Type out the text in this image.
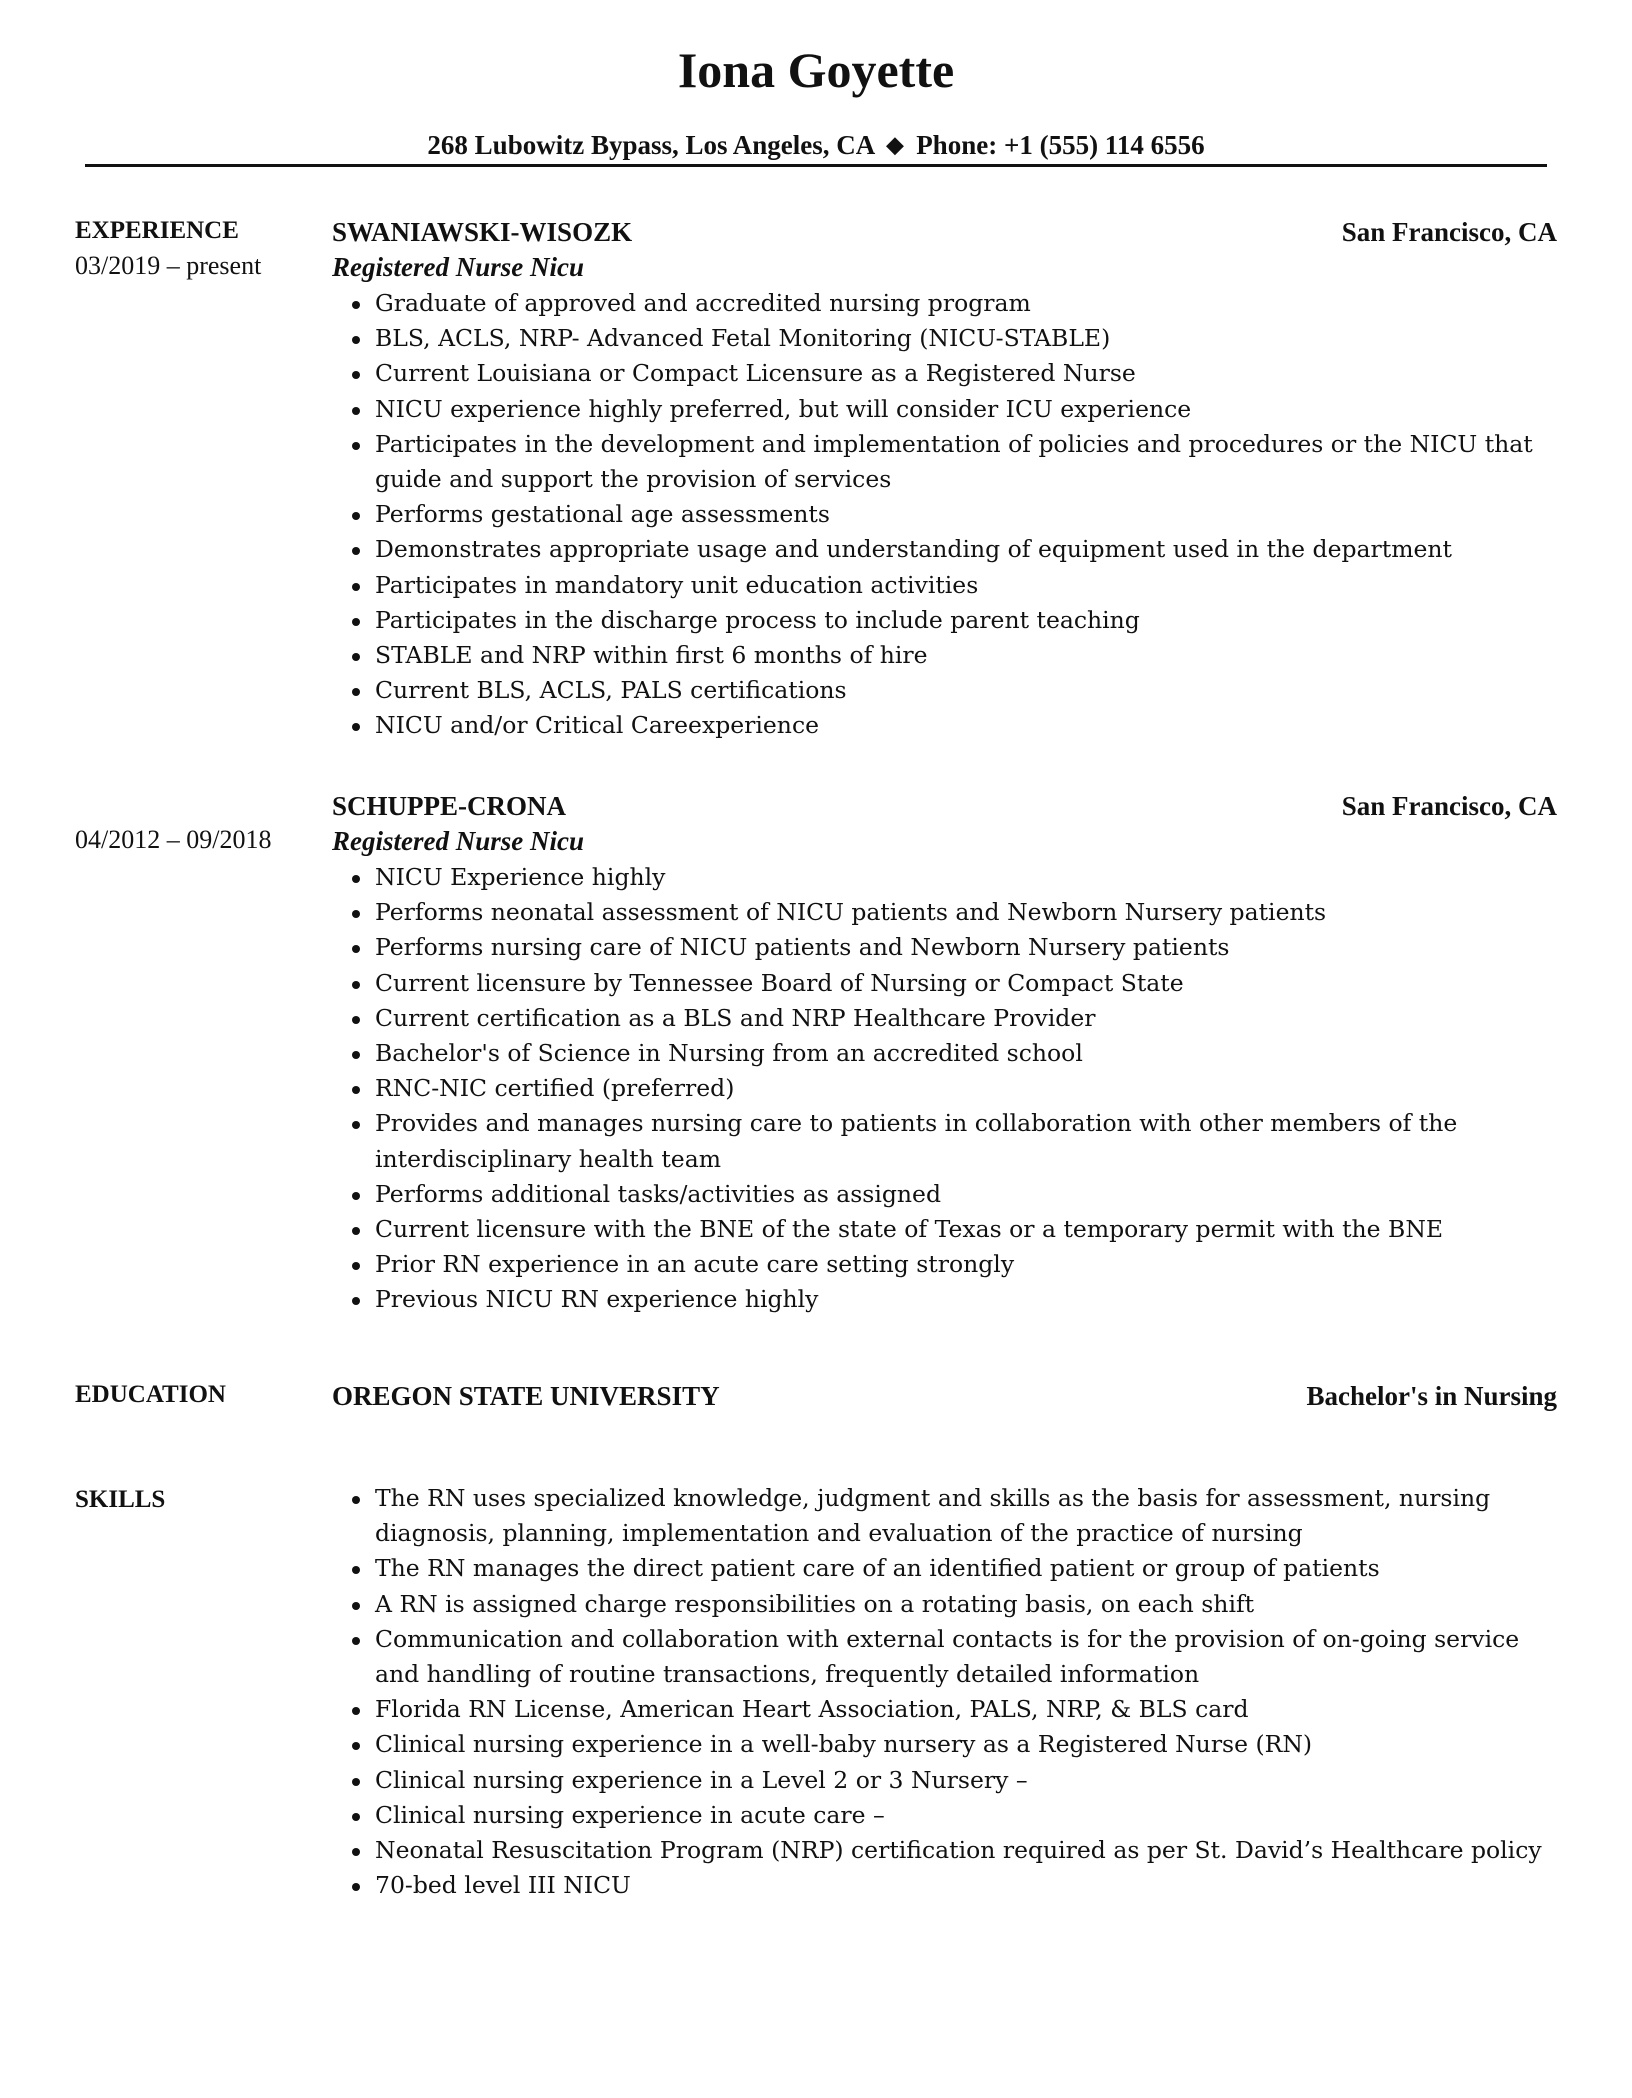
Iona Goyette
268 Lubowitz Bypass, Los Angeles, CA ◆ Phone: +1 (555) 114 6556
EXPERIENCE
03/2019 – present
SWANIAWSKI-WISOZK	San Francisco, CA
Registered Nurse Nicu
Graduate of approved and accredited nursing program
BLS, ACLS, NRP- Advanced Fetal Monitoring (NICU-STABLE)
Current Louisiana or Compact Licensure as a Registered Nurse
NICU experience highly preferred, but will consider ICU experience
Participates in the development and implementation of policies and procedures or the NICU that guide and support the provision of services
Performs gestational age assessments
Demonstrates appropriate usage and understanding of equipment used in the department
Participates in mandatory unit education activities
Participates in the discharge process to include parent teaching
STABLE and NRP within first 6 months of hire
Current BLS, ACLS, PALS certifications
NICU and/or Critical Careexperience
04/2012 – 09/2018
SCHUPPE-CRONA	San Francisco, CA
Registered Nurse Nicu
NICU Experience highly
Performs neonatal assessment of NICU patients and Newborn Nursery patients
Performs nursing care of NICU patients and Newborn Nursery patients
Current licensure by Tennessee Board of Nursing or Compact State
Current certification as a BLS and NRP Healthcare Provider
Bachelor's of Science in Nursing from an accredited school
RNC-NIC certified (preferred)
Provides and manages nursing care to patients in collaboration with other members of the interdisciplinary health team
Performs additional tasks/activities as assigned
Current licensure with the BNE of the state of Texas or a temporary permit with the BNE
Prior RN experience in an acute care setting strongly
Previous NICU RN experience highly
EDUCATION	OREGON STATE UNIVERSITY	Bachelor's in Nursing
SKILLS	The RN uses specialized knowledge, judgment and skills as the basis for assessment, nursing diagnosis, planning, implementation and evaluation of the practice of nursing
The RN manages the direct patient care of an identified patient or group of patients
A RN is assigned charge responsibilities on a rotating basis, on each shift
Communication and collaboration with external contacts is for the provision of on-going service and handling of routine transactions, frequently detailed information
Florida RN License, American Heart Association, PALS, NRP, & BLS card
Clinical nursing experience in a well-baby nursery as a Registered Nurse (RN)
Clinical nursing experience in a Level 2 or 3 Nursery –
Clinical nursing experience in acute care –
Neonatal Resuscitation Program (NRP) certification required as per St. David’s Healthcare policy
70-bed level III NICU
